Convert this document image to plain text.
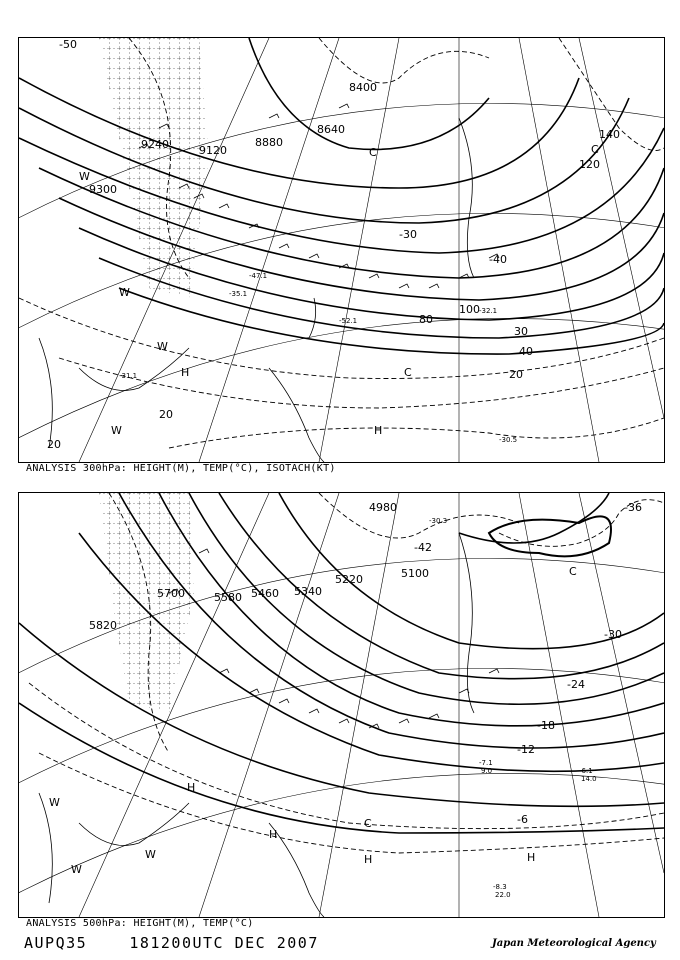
9300
9240	9120
8880
8640
8400
20
40
80
100
120
140
30
20
20
-30
-40
-50
-35.1
-32.1
-31.1
-52.1
-47.1
-30.5
W
W
W
H
H
W
C
C	C
ANALYSIS 300hPa: HEIGHT(M), TEMP(°C), ISOTACH(KT)
4980
5100
5220
5340
5460
5580
5700
5820
-36
-30
-24
-18
-12
-6
-42
-8.3
22.0
-6.1
14.0
-7.1
9.0
-30.3
H
H	H
H
W
W
W
C
C
ANALYSIS 500hPa: HEIGHT(M), TEMP(°C)
AUPQ35	181200UTC DEC 2007	Japan Meteorological Agency
